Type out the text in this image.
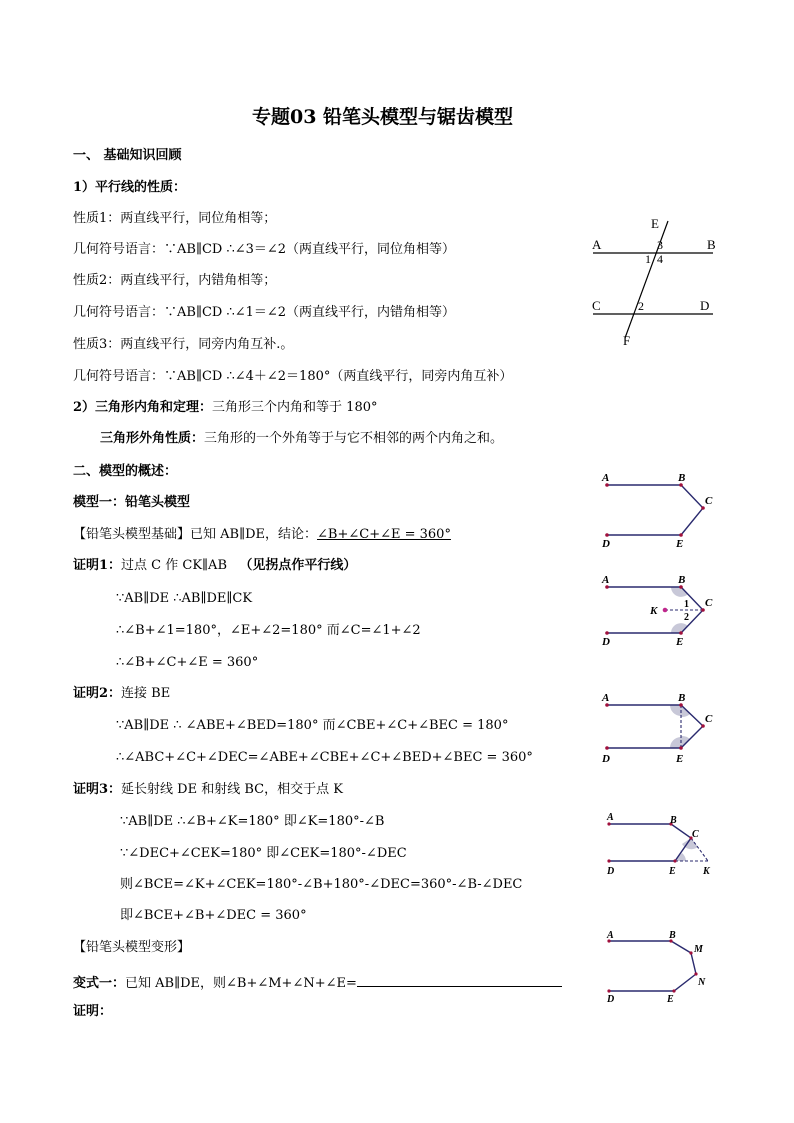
专题03 铅笔头模型与锯齿模型
一、 基础知识回顾
1）平行线的性质：
性质1：两直线平行，同位角相等；
几何符号语言：∵AB∥CD ∴∠3＝∠2（两直线平行，同位角相等）
性质2：两直线平行，内错角相等；
几何符号语言：∵AB∥CD ∴∠1＝∠2（两直线平行，内错角相等）
性质3：两直线平行，同旁内角互补.。
几何符号语言：∵AB∥CD ∴∠4＋∠2＝180°（两直线平行，同旁内角互补）
2）三角形内角和定理：三角形三个内角和等于 180°
三角形外角性质：三角形的一个外角等于与它不相邻的两个内角之和。
二、模型的概述：
模型一：铅笔头模型
【铅笔头模型基础】已知 AB∥DE，结论：∠B+∠C+∠E = 360°
证明1：过点 C 作 CK∥AB （见拐点作平行线）
∵AB∥DE ∴AB∥DE∥CK
∴∠B+∠1=180°，∠E+∠2=180° 而∠C=∠1+∠2
∴∠B+∠C+∠E = 360°
证明2：连接 BE
∵AB∥DE ∴ ∠ABE+∠BED=180° 而∠CBE+∠C+∠BEC = 180°
∴∠ABC+∠C+∠DEC=∠ABE+∠CBE+∠C+∠BED+∠BEC = 360°
证明3：延长射线 DE 和射线 BC，相交于点 K
∵AB∥DE ∴∠B+∠K=180° 即∠K=180°-∠B
∵∠DEC+∠CEK=180° 即∠CEK=180°-∠DEC
则∠BCE=∠K+∠CEK=180°-∠B+180°-∠DEC=360°-∠B-∠DEC
即∠BCE+∠B+∠DEC = 360°
【铅笔头模型变形】
变式一：已知 AB∥DE，则∠B+∠M+∠N+∠E=
证明：
E
A	B
3
1 4
C	D
2
F
A	B
C
D	E
A	B
C
K
1
2
D	E
A	B
C
D	E
A	B
C
D	E	K
A	B
M
N
D	E
